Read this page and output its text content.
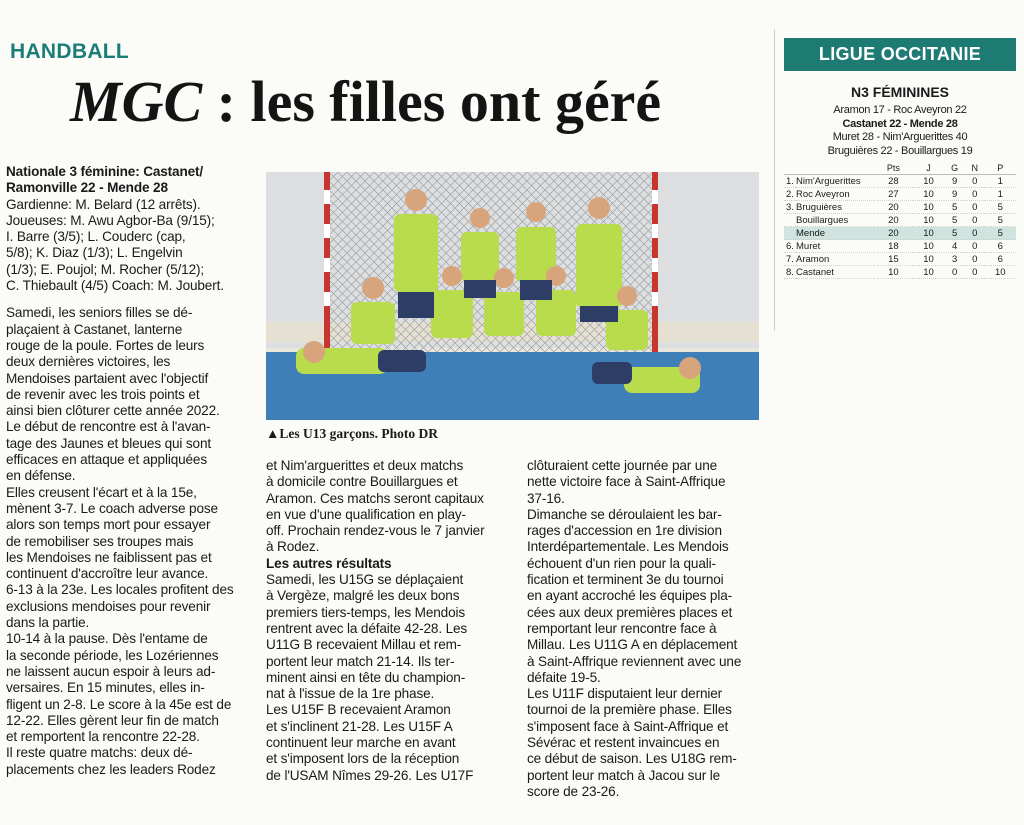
HANDBALL
MGC : les filles ont géré

Nationale 3 féminine: Castanet/

Ramonville 22 - Mende 28

Gardienne: M. Belard (12 arrêts).

Joueuses: M. Awu Agbor-Ba (9/15);

I. Barre (3/5); L. Couderc (cap,

5/8); K. Diaz (1/3); L. Engelvin

(1/3); E. Poujol; M. Rocher (5/12);

C. Thiebault (4/5) Coach: M. Joubert.

Samedi, les seniors filles se dé-

plaçaient à Castanet, lanterne

rouge de la poule. Fortes de leurs

deux dernières victoires, les

Mendoises partaient avec l'objectif

de revenir avec les trois points et

ainsi bien clôturer cette année 2022.

Le début de rencontre est à l'avan-

tage des Jaunes et bleues qui sont

efficaces en attaque et appliquées

en défense.

Elles creusent l'écart et à la 15e,

mènent 3-7. Le coach adverse pose

alors son temps mort pour essayer

de remobiliser ses troupes mais

les Mendoises ne faiblissent pas et

continuent d'accroître leur avance.

6-13 à la 23e. Les locales profitent des

exclusions mendoises pour revenir

dans la partie.

10-14 à la pause. Dès l'entame de

la seconde période, les Lozériennes

ne laissent aucun espoir à leurs ad-

versaires. En 15 minutes, elles in-

fligent un 2-8. Le score à la 45e est de

12-22. Elles gèrent leur fin de match

et remportent la rencontre 22-28.

Il reste quatre matchs: deux dé-

placements chez les leaders Rodez

▲Les U13 garçons. Photo DR

et Nim'arguerittes et deux matchs

à domicile contre Bouillargues et

Aramon. Ces matchs seront capitaux

en vue d'une qualification en play-

off. Prochain rendez-vous le 7 janvier

à Rodez.

Les autres résultats

Samedi, les U15G se déplaçaient

à Vergèze, malgré les deux bons

premiers tiers-temps, les Mendois

rentrent avec la défaite 42-28. Les

U11G B recevaient Millau et rem-

portent leur match 21-14. Ils ter-

minent ainsi en tête du champion-

nat à l'issue de la 1re phase.

Les U15F B recevaient Aramon

et s'inclinent 21-28. Les U15F A

continuent leur marche en avant

et s'imposent lors de la réception

de l'USAM Nîmes 29-26. Les U17F

clôturaient cette journée par une

nette victoire face à Saint-Affrique

37-16.

Dimanche se déroulaient les bar-

rages d'accession en 1re division

Interdépartementale. Les Mendois

échouent d'un rien pour la quali-

fication et terminent 3e du tournoi

en ayant accroché les équipes pla-

cées aux deux premières places et

remportant leur rencontre face à

Millau. Les U11G A en déplacement

à Saint-Affrique reviennent avec une

défaite 19-5.

Les U11F disputaient leur dernier

tournoi de la première phase. Elles

s'imposent face à Saint-Affrique et

Sévérac et restent invaincues en

ce début de saison. Les U18G rem-

portent leur match à Jacou sur le

score de 23-26.

LIGUE OCCITANIE
N3 FÉMININES
Aramon 17 - Roc Aveyron 22
Castanet 22 - Mende 28
Muret 28 - Nim'Arguerittes 40
Bruguières 22 - Bouillargues 19
		Pts	J	G	N	P
1.	Nim'Arguerittes	28	10	9	0	1
2.	Roc Aveyron	27	10	9	0	1
3.	Bruguières	20	10	5	0	5
	Bouillargues	20	10	5	0	5
	Mende	20	10	5	0	5
6.	Muret	18	10	4	0	6
7.	Aramon	15	10	3	0	6
8.	Castanet	10	10	0	0	10
